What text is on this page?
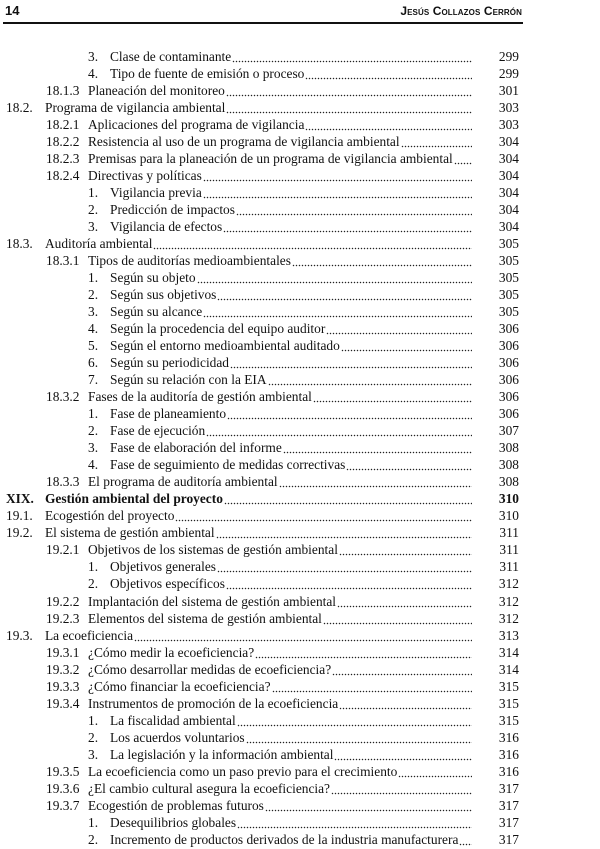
14	Jesús Collazos Cerrón
3. Clase de contaminante	299
4. Tipo de fuente de emisión o proceso	299
18.1.3 Planeación del monitoreo	301
18.2. Programa de vigilancia ambiental	303
18.2.1 Aplicaciones del programa de vigilancia	303
18.2.2 Resistencia al uso de un programa de vigilancia ambiental	304
18.2.3 Premisas para la planeación de un programa de vigilancia ambiental	304
18.2.4 Directivas y políticas	304
1. Vigilancia previa	304
2. Predicción de impactos	304
3. Vigilancia de efectos	304
18.3. Auditoría ambiental	305
18.3.1 Tipos de auditorías medioambientales	305
1. Según su objeto	305
2. Según sus objetivos	305
3. Según su alcance	305
4. Según la procedencia del equipo auditor	306
5. Según el entorno medioambiental auditado	306
6. Según su periodicidad	306
7. Según su relación con la EIA	306
18.3.2 Fases de la auditoría de gestión ambiental	306
1. Fase de planeamiento	306
2. Fase de ejecución	307
3. Fase de elaboración del informe	308
4. Fase de seguimiento de medidas correctivas	308
18.3.3 El programa de auditoría ambiental	308
XIX. Gestión ambiental del proyecto	310
19.1. Ecogestión del proyecto	310
19.2. El sistema de gestión ambiental	311
19.2.1 Objetivos de los sistemas de gestión ambiental	311
1. Objetivos generales	311
2. Objetivos específicos	312
19.2.2 Implantación del sistema de gestión ambiental	312
19.2.3 Elementos del sistema de gestión ambiental	312
19.3. La ecoeficiencia	313
19.3.1 ¿Cómo medir la ecoeficiencia?	314
19.3.2 ¿Cómo desarrollar medidas de ecoeficiencia?	314
19.3.3 ¿Cómo financiar la ecoeficiencia?	315
19.3.4 Instrumentos de promoción de la ecoeficiencia	315
1. La fiscalidad ambiental	315
2. Los acuerdos voluntarios	316
3. La legislación y la información ambiental	316
19.3.5 La ecoeficiencia como un paso previo para el crecimiento	316
19.3.6 ¿El cambio cultural asegura la ecoeficiencia?	317
19.3.7 Ecogestión de problemas futuros	317
1. Desequilibrios globales	317
2. Incremento de productos derivados de la industria manufacturera	317
